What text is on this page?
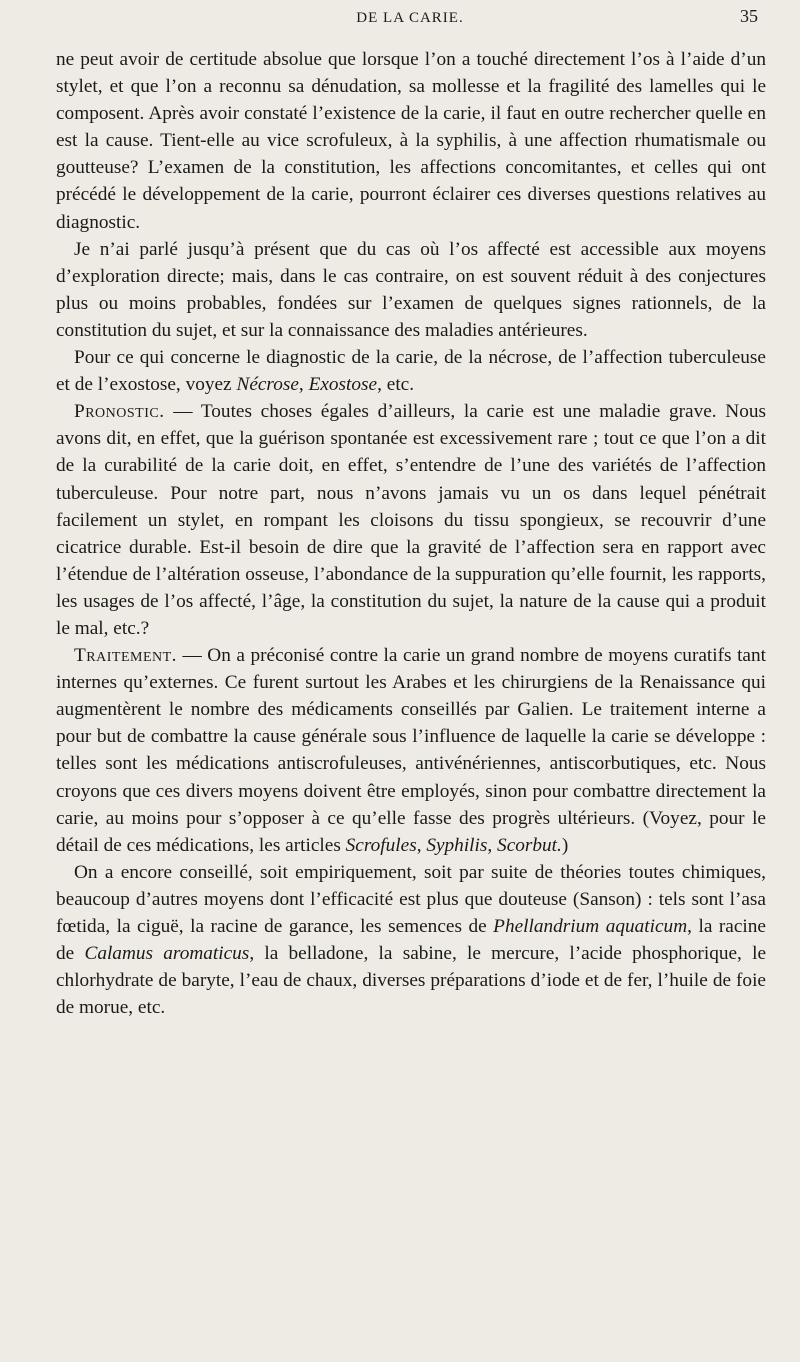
DE LA CARIE.	35

ne peut avoir de certitude absolue que lorsque l’on a touché directement l’os à l’aide d’un stylet, et que l’on a reconnu sa dénudation, sa mollesse et la fragilité des lamelles qui le composent. Après avoir constaté l’existence de la carie, il faut en outre rechercher quelle en est la cause. Tient-elle au vice scrofuleux, à la syphilis, à une affection rhumatismale ou goutteuse? L’examen de la constitution, les affections concomitantes, et celles qui ont précédé le développement de la carie, pourront éclairer ces diverses questions relatives au diagnostic.

Je n’ai parlé jusqu’à présent que du cas où l’os affecté est accessible aux moyens d’exploration directe; mais, dans le cas contraire, on est souvent réduit à des conjectures plus ou moins probables, fondées sur l’examen de quelques signes rationnels, de la constitution du sujet, et sur la connaissance des maladies antérieures.

Pour ce qui concerne le diagnostic de la carie, de la nécrose, de l’affection tuberculeuse et de l’exostose, voyez Nécrose, Exostose, etc.

Pronostic. — Toutes choses égales d’ailleurs, la carie est une maladie grave. Nous avons dit, en effet, que la guérison spontanée est excessivement rare ; tout ce que l’on a dit de la curabilité de la carie doit, en effet, s’entendre de l’une des variétés de l’affection tuberculeuse. Pour notre part, nous n’avons jamais vu un os dans lequel pénétrait facilement un stylet, en rompant les cloisons du tissu spongieux, se recouvrir d’une cicatrice durable. Est-il besoin de dire que la gravité de l’affection sera en rapport avec l’étendue de l’altération osseuse, l’abondance de la suppuration qu’elle fournit, les rapports, les usages de l’os affecté, l’âge, la constitution du sujet, la nature de la cause qui a produit le mal, etc.?

Traitement. — On a préconisé contre la carie un grand nombre de moyens curatifs tant internes qu’externes. Ce furent surtout les Arabes et les chirurgiens de la Renaissance qui augmentèrent le nombre des médicaments conseillés par Galien. Le traitement interne a pour but de combattre la cause générale sous l’influence de laquelle la carie se développe : telles sont les médications antiscrofuleuses, antivénériennes, antiscorbutiques, etc. Nous croyons que ces divers moyens doivent être employés, sinon pour combattre directement la carie, au moins pour s’opposer à ce qu’elle fasse des progrès ultérieurs. (Voyez, pour le détail de ces médications, les articles Scrofules, Syphilis, Scorbut.)

On a encore conseillé, soit empiriquement, soit par suite de théories toutes chimiques, beaucoup d’autres moyens dont l’efficacité est plus que douteuse (Sanson) : tels sont l’asa fœtida, la ciguë, la racine de garance, les semences de Phellandrium aquaticum, la racine de Calamus aromaticus, la belladone, la sabine, le mercure, l’acide phosphorique, le chlorhydrate de baryte, l’eau de chaux, diverses préparations d’iode et de fer, l’huile de foie de morue, etc.
